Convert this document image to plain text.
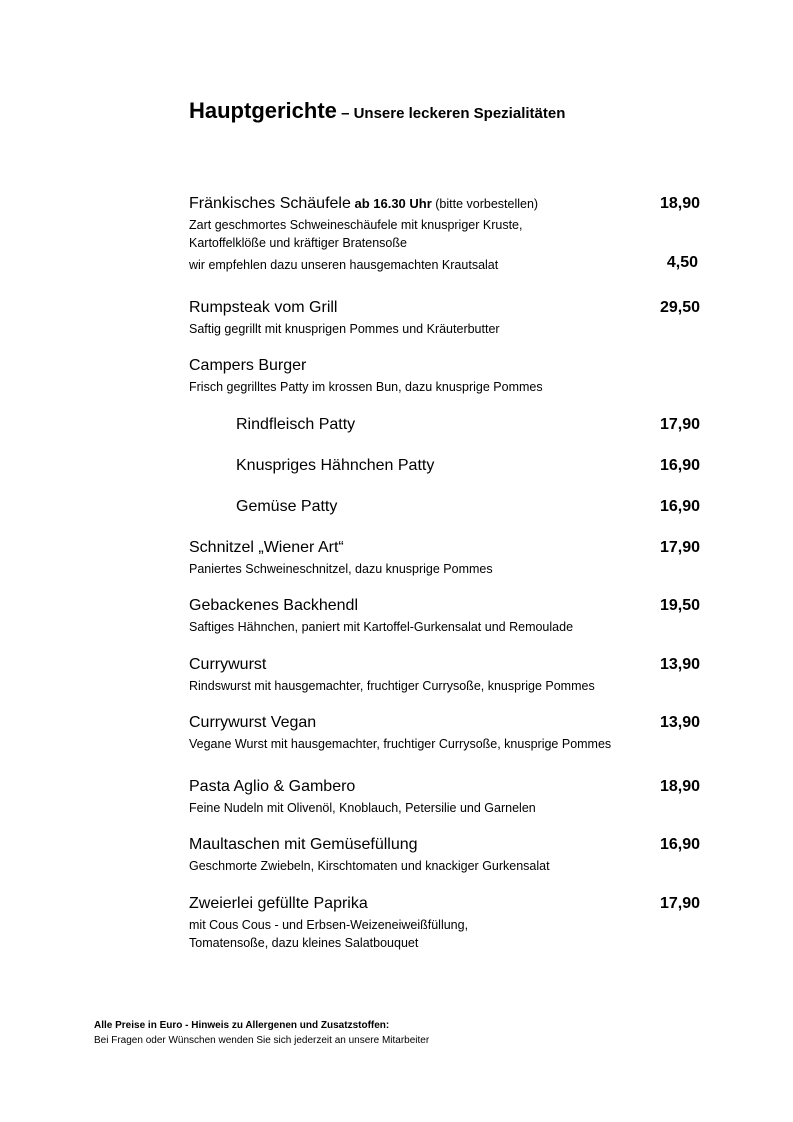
Hauptgerichte – Unsere leckeren Spezialitäten
Fränkisches Schäufele ab 16.30 Uhr (bitte vorbestellen)	18,90
Zart geschmortes Schweineschäufele mit knuspriger Kruste,
Kartoffelklöße und kräftiger Bratensoße
wir empfehlen dazu unseren hausgemachten Krautsalat	4,50
Rumpsteak vom Grill	29,50
Saftig gegrillt mit knusprigen Pommes und Kräuterbutter
Campers Burger
Frisch gegrilltes Patty im krossen Bun, dazu knusprige Pommes
Rindfleisch Patty	17,90
Knuspriges Hähnchen Patty	16,90
Gemüse Patty	16,90
Schnitzel „Wiener Art“	17,90
Paniertes Schweineschnitzel, dazu knusprige Pommes
Gebackenes Backhendl	19,50
Saftiges Hähnchen, paniert mit Kartoffel-Gurkensalat und Remoulade
Currywurst	13,90
Rindswurst mit hausgemachter, fruchtiger Currysoße, knusprige Pommes
Currywurst Vegan	13,90
Vegane Wurst mit hausgemachter, fruchtiger Currysoße, knusprige Pommes
Pasta Aglio & Gambero	18,90
Feine Nudeln mit Olivenöl, Knoblauch, Petersilie und Garnelen
Maultaschen mit Gemüsefüllung	16,90
Geschmorte Zwiebeln, Kirschtomaten und knackiger Gurkensalat
Zweierlei gefüllte Paprika	17,90
mit Cous Cous - und Erbsen-Weizeneiweißfüllung,
Tomatensoße, dazu kleines Salatbouquet
Alle Preise in Euro - Hinweis zu Allergenen und Zusatzstoffen:
Bei Fragen oder Wünschen wenden Sie sich jederzeit an unsere Mitarbeiter
